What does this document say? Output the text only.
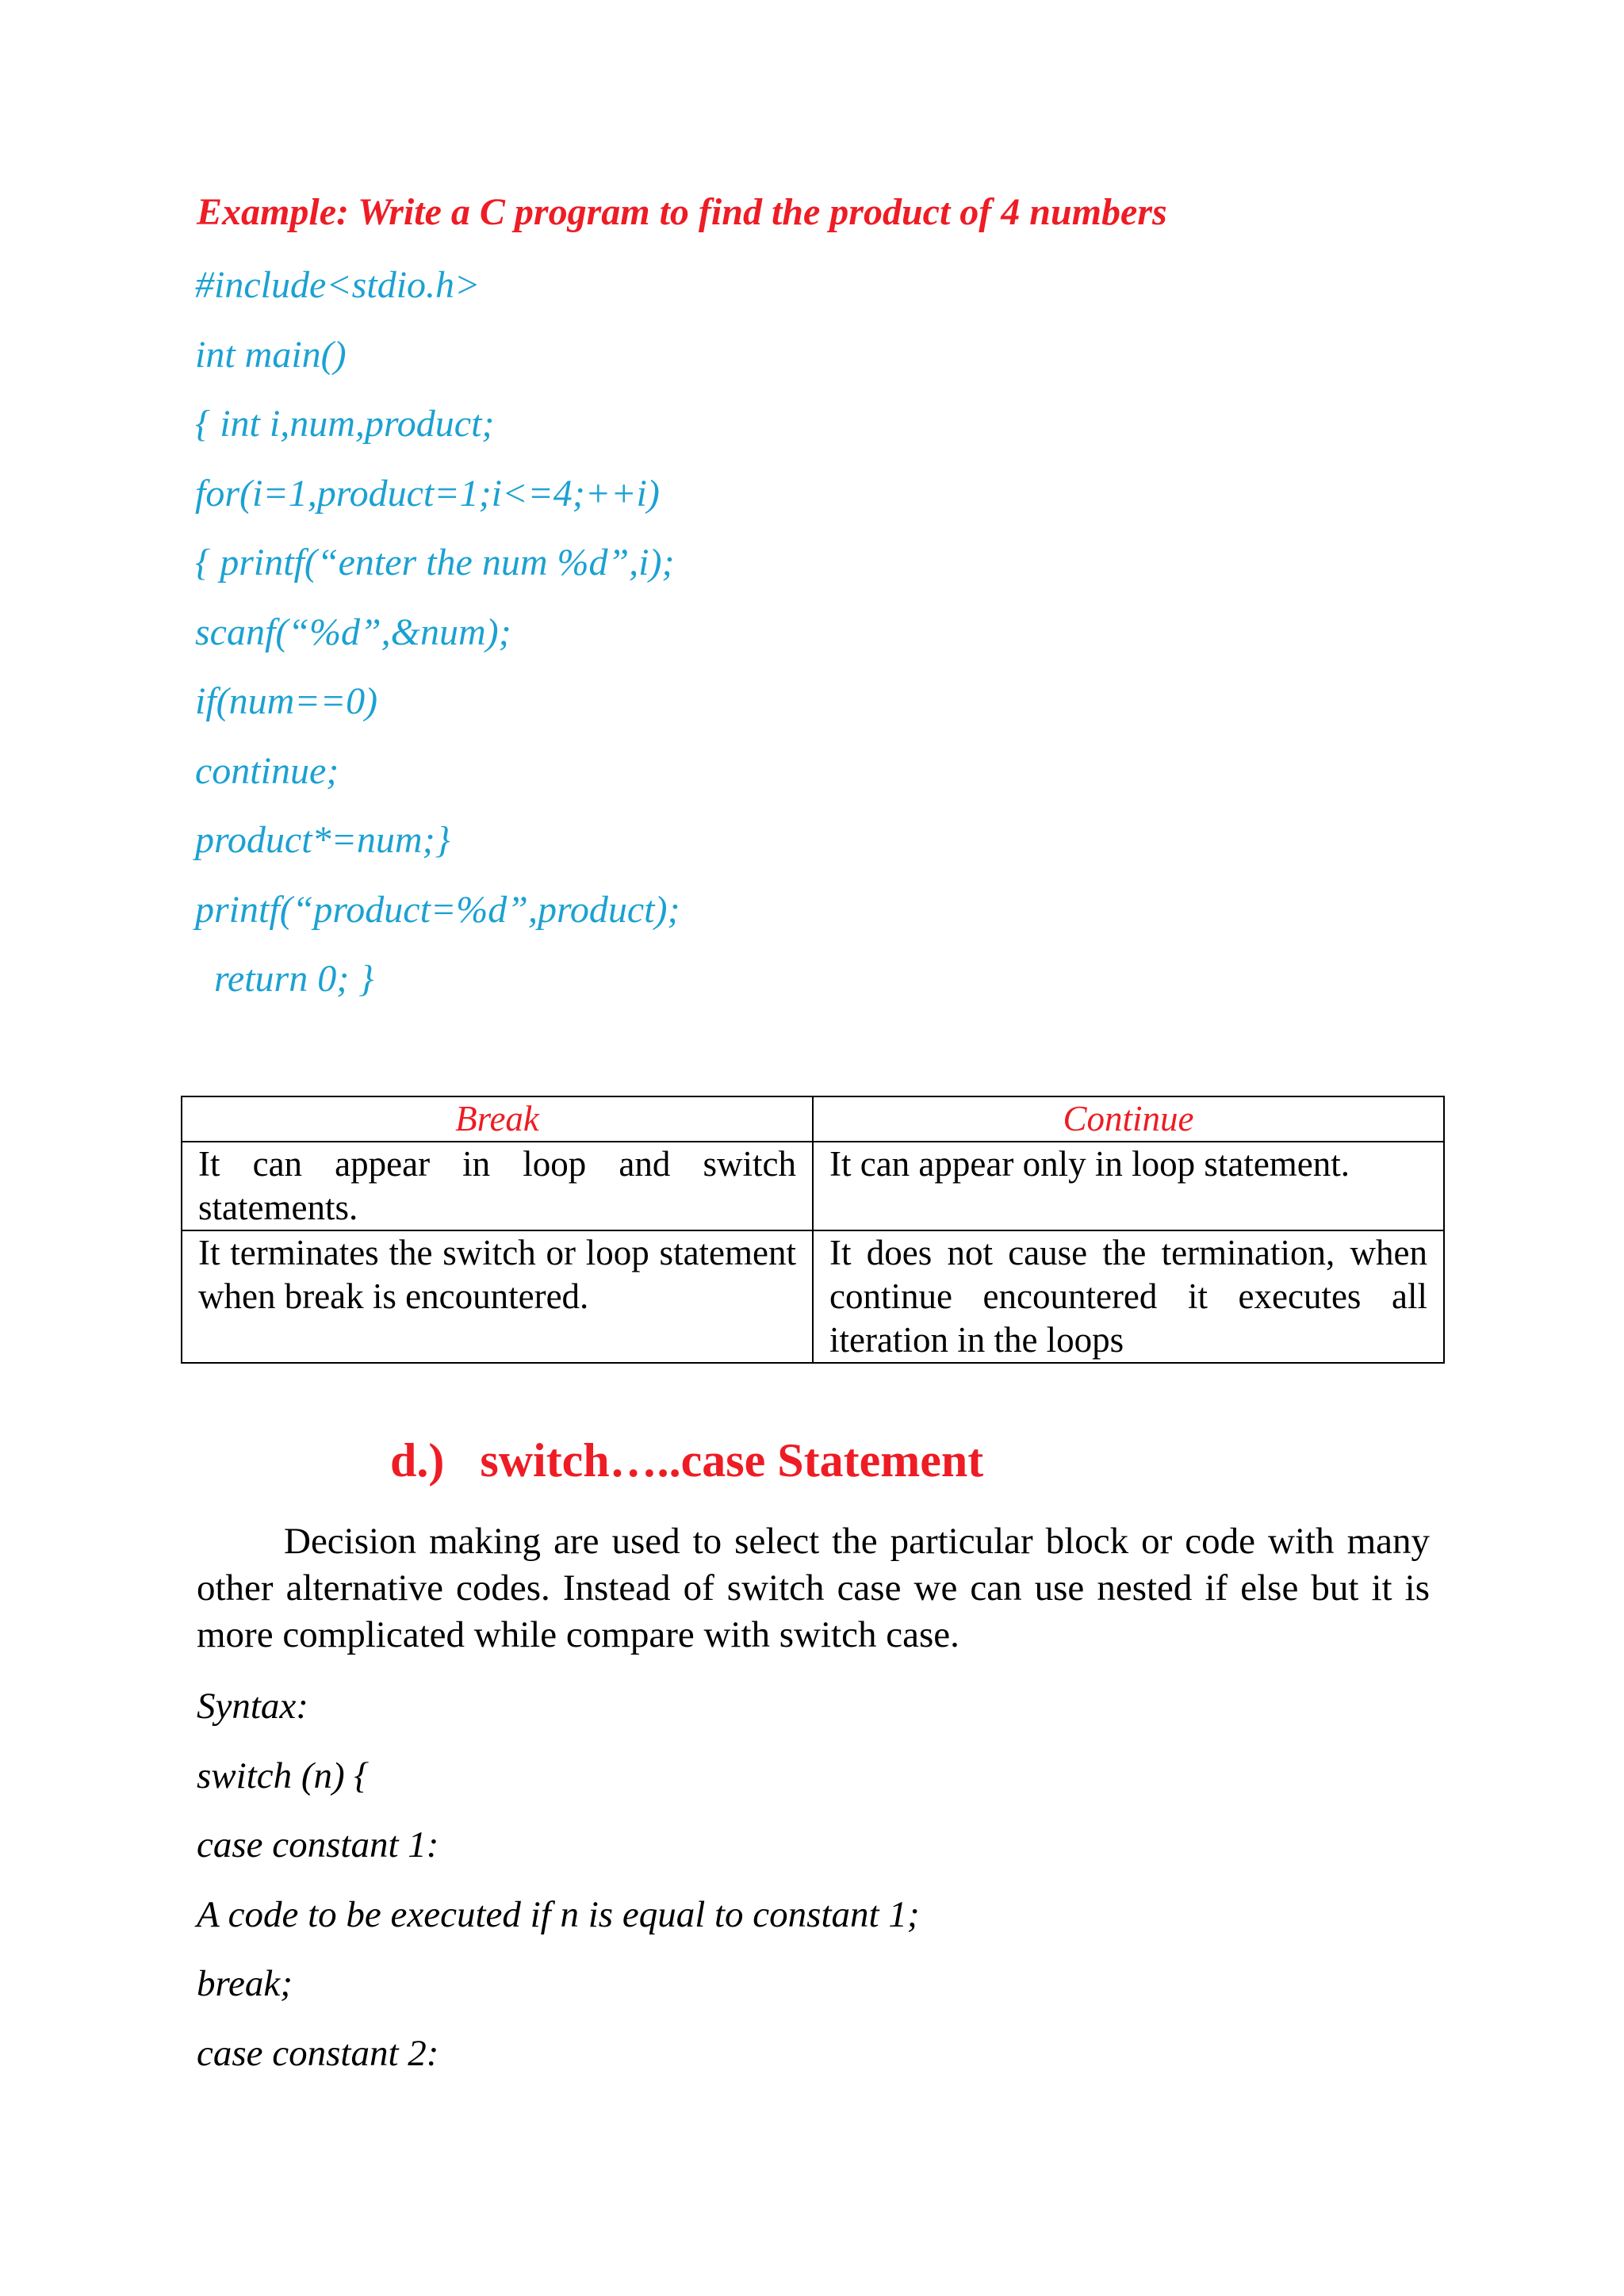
Example: Write a C program to find the product of 4 numbers
#include<stdio.h>
int main()
{ int i,num,product;
for(i=1,product=1;i<=4;++i)
{ printf(“enter the num %d”,i);
scanf(“%d”,&num);
if(num==0)
continue;
product*=num;}
printf(“product=%d”,product);
return 0; }
Break	Continue
It can appear in loop and switch statements.	It can appear only in loop statement.
It terminates the switch or loop statement when break is encountered.	It does not cause the termination, when continue encountered it executes all iteration in the loops
d.)   switch…..case Statement

Decision making are used to select the particular block or code with many other alternative codes. Instead of switch case we can use nested if else but it is more complicated while compare with switch case.

Syntax:
switch (n) {
case constant 1:
A code to be executed if n is equal to constant 1;
break;
case constant 2:
